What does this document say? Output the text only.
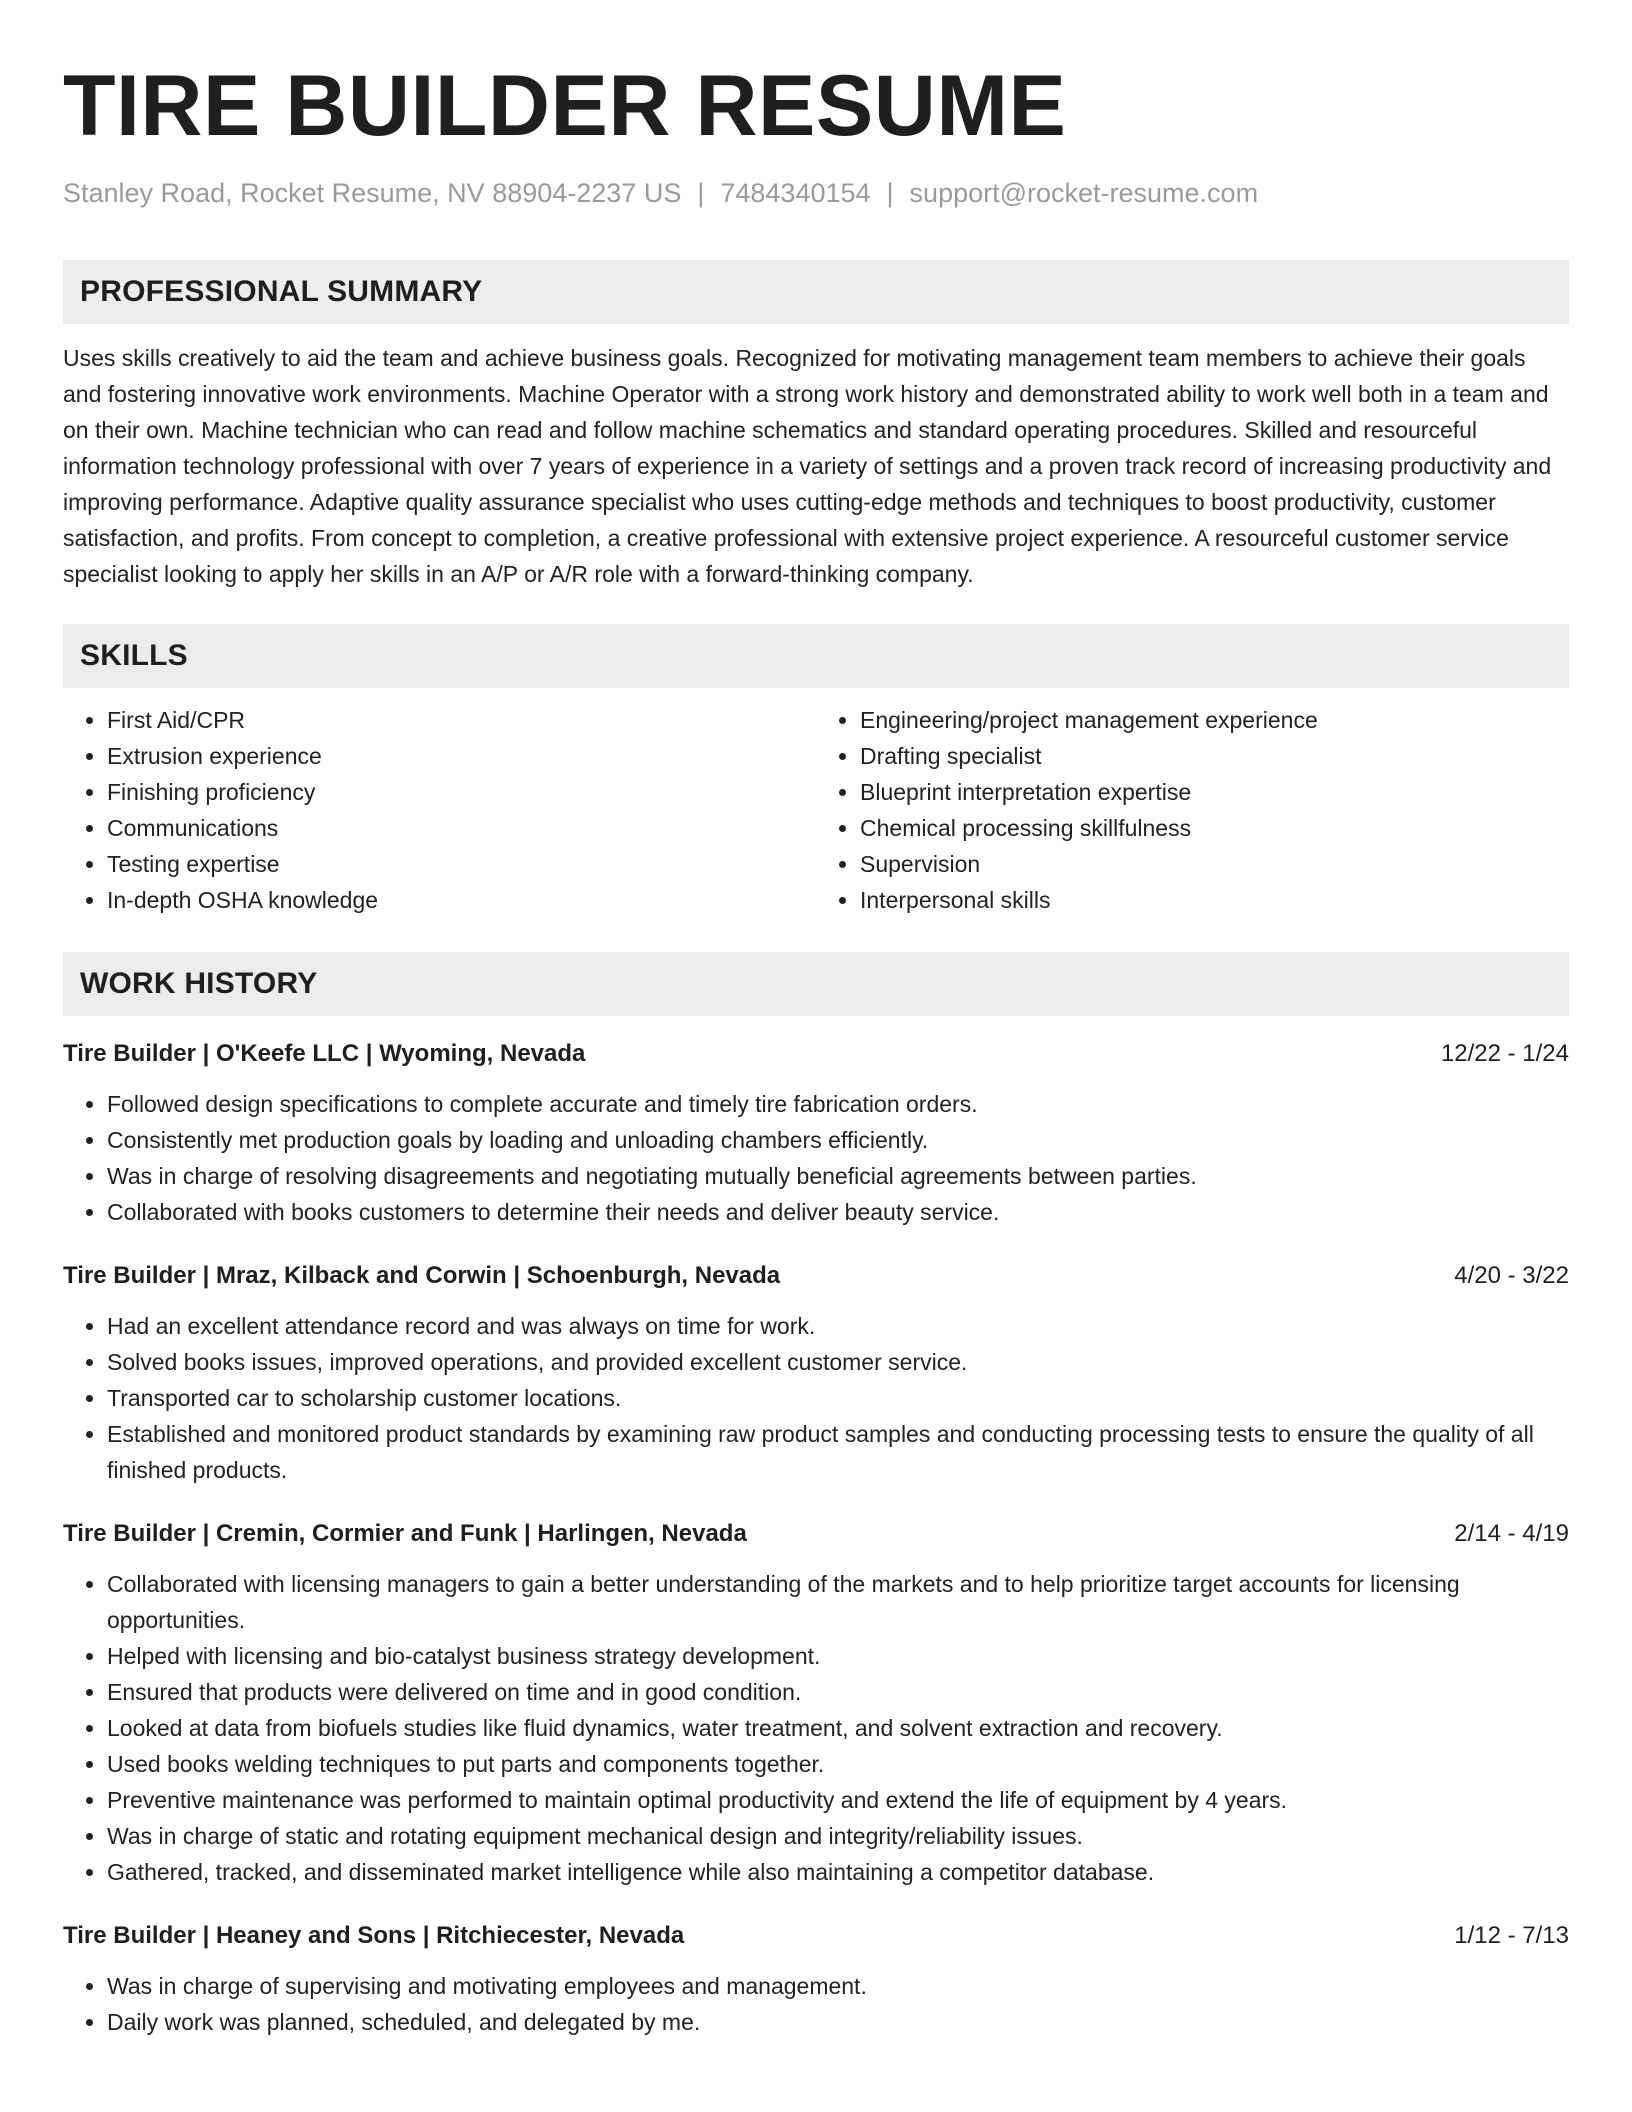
TIRE BUILDER RESUME
Stanley Road, Rocket Resume, NV 88904-2237 US | 7484340154 | support@rocket-resume.com
PROFESSIONAL SUMMARY

Uses skills creatively to aid the team and achieve business goals. Recognized for motivating management team members to achieve their goals and fostering innovative work environments. Machine Operator with a strong work history and demonstrated ability to work well both in a team and on their own. Machine technician who can read and follow machine schematics and standard operating procedures. Skilled and resourceful information technology professional with over 7 years of experience in a variety of settings and a proven track record of increasing productivity and improving performance. Adaptive quality assurance specialist who uses cutting-edge methods and techniques to boost productivity, customer satisfaction, and profits. From concept to completion, a creative professional with extensive project experience. A resourceful customer service specialist looking to apply her skills in an A/P or A/R role with a forward-thinking company.

SKILLS
• First Aid/CPR
• Extrusion experience
• Finishing proficiency
• Communications
• Testing expertise
• In-depth OSHA knowledge
• Engineering/project management experience
• Drafting specialist
• Blueprint interpretation expertise
• Chemical processing skillfulness
• Supervision
• Interpersonal skills
WORK HISTORY
Tire Builder | O'Keefe LLC | Wyoming, Nevada	12/22 - 1/24
• Followed design specifications to complete accurate and timely tire fabrication orders.
• Consistently met production goals by loading and unloading chambers efficiently.
• Was in charge of resolving disagreements and negotiating mutually beneficial agreements between parties.
• Collaborated with books customers to determine their needs and deliver beauty service.
Tire Builder | Mraz, Kilback and Corwin | Schoenburgh, Nevada	4/20 - 3/22
• Had an excellent attendance record and was always on time for work.
• Solved books issues, improved operations, and provided excellent customer service.
• Transported car to scholarship customer locations.
• Established and monitored product standards by examining raw product samples and conducting processing tests to ensure the quality of all finished products.
Tire Builder | Cremin, Cormier and Funk | Harlingen, Nevada	2/14 - 4/19
• Collaborated with licensing managers to gain a better understanding of the markets and to help prioritize target accounts for licensing opportunities.
• Helped with licensing and bio-catalyst business strategy development.
• Ensured that products were delivered on time and in good condition.
• Looked at data from biofuels studies like fluid dynamics, water treatment, and solvent extraction and recovery.
• Used books welding techniques to put parts and components together.
• Preventive maintenance was performed to maintain optimal productivity and extend the life of equipment by 4 years.
• Was in charge of static and rotating equipment mechanical design and integrity/reliability issues.
• Gathered, tracked, and disseminated market intelligence while also maintaining a competitor database.
Tire Builder | Heaney and Sons | Ritchiecester, Nevada	1/12 - 7/13
• Was in charge of supervising and motivating employees and management.
• Daily work was planned, scheduled, and delegated by me.
